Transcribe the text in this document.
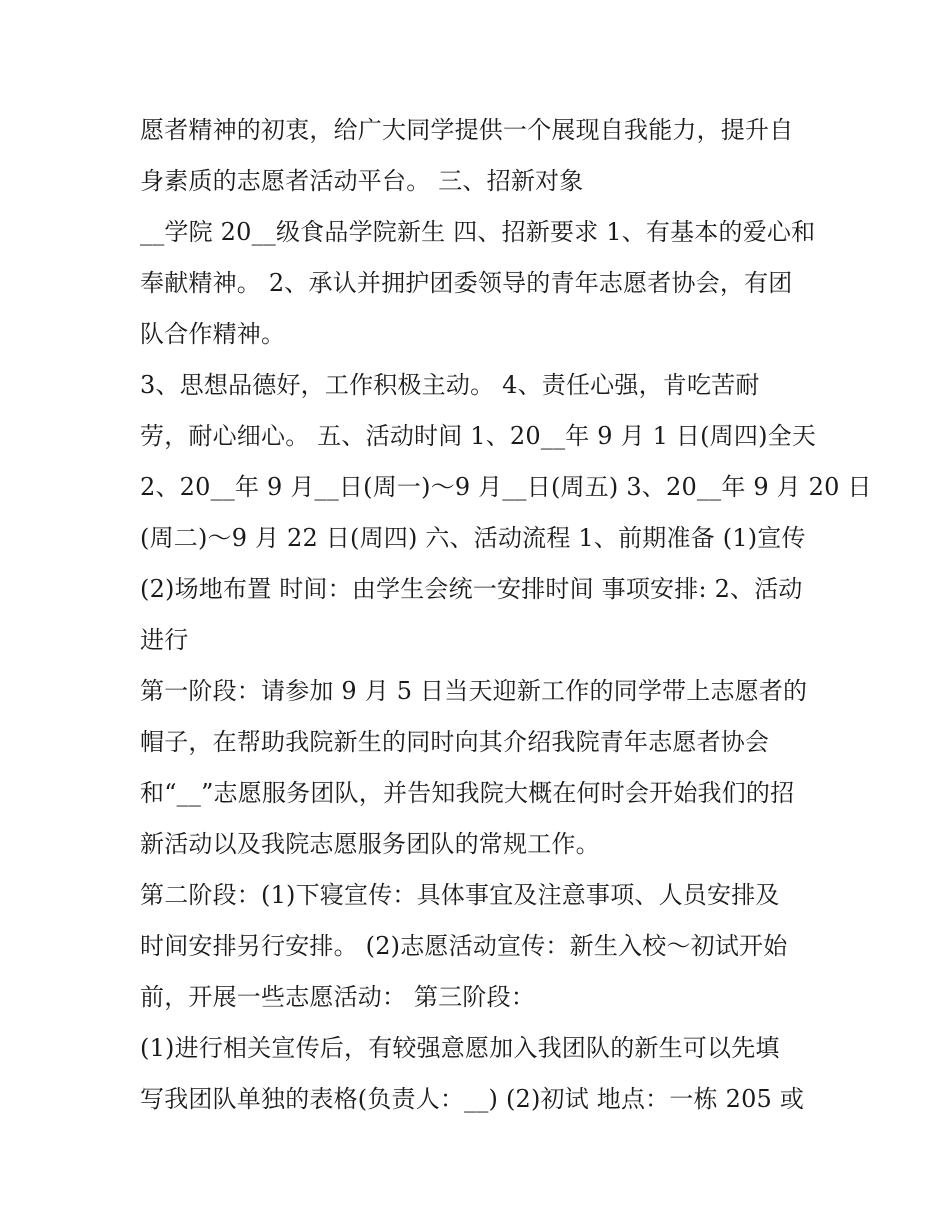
愿者精神的初衷，给广大同学提供一个展现自我能力，提升自
身素质的志愿者活动平台。 三、招新对象
__学院 20__级食品学院新生 四、招新要求 1、有基本的爱心和
奉献精神。 2、承认并拥护团委领导的青年志愿者协会，有团
队合作精神。
3、思想品德好，工作积极主动。 4、责任心强，肯吃苦耐
劳，耐心细心。 五、活动时间 1、20__年 9 月 1 日(周四)全天
2、20__年 9 月__日(周一)～9 月__日(周五) 3、20__年 9 月 20 日
(周二)～9 月 22 日(周四) 六、活动流程 1、前期准备 (1)宣传
(2)场地布置 时间：由学生会统一安排时间 事项安排: 2、活动
进行
第一阶段：请参加 9 月 5 日当天迎新工作的同学带上志愿者的
帽子，在帮助我院新生的同时向其介绍我院青年志愿者协会
和“__”志愿服务团队，并告知我院大概在何时会开始我们的招
新活动以及我院志愿服务团队的常规工作。
第二阶段：(1)下寝宣传：具体事宜及注意事项、人员安排及
时间安排另行安排。 (2)志愿活动宣传：新生入校～初试开始
前，开展一些志愿活动： 第三阶段：
(1)进行相关宣传后，有较强意愿加入我团队的新生可以先填
写我团队单独的表格(负责人：__) (2)初试 地点：一栋 205 或
